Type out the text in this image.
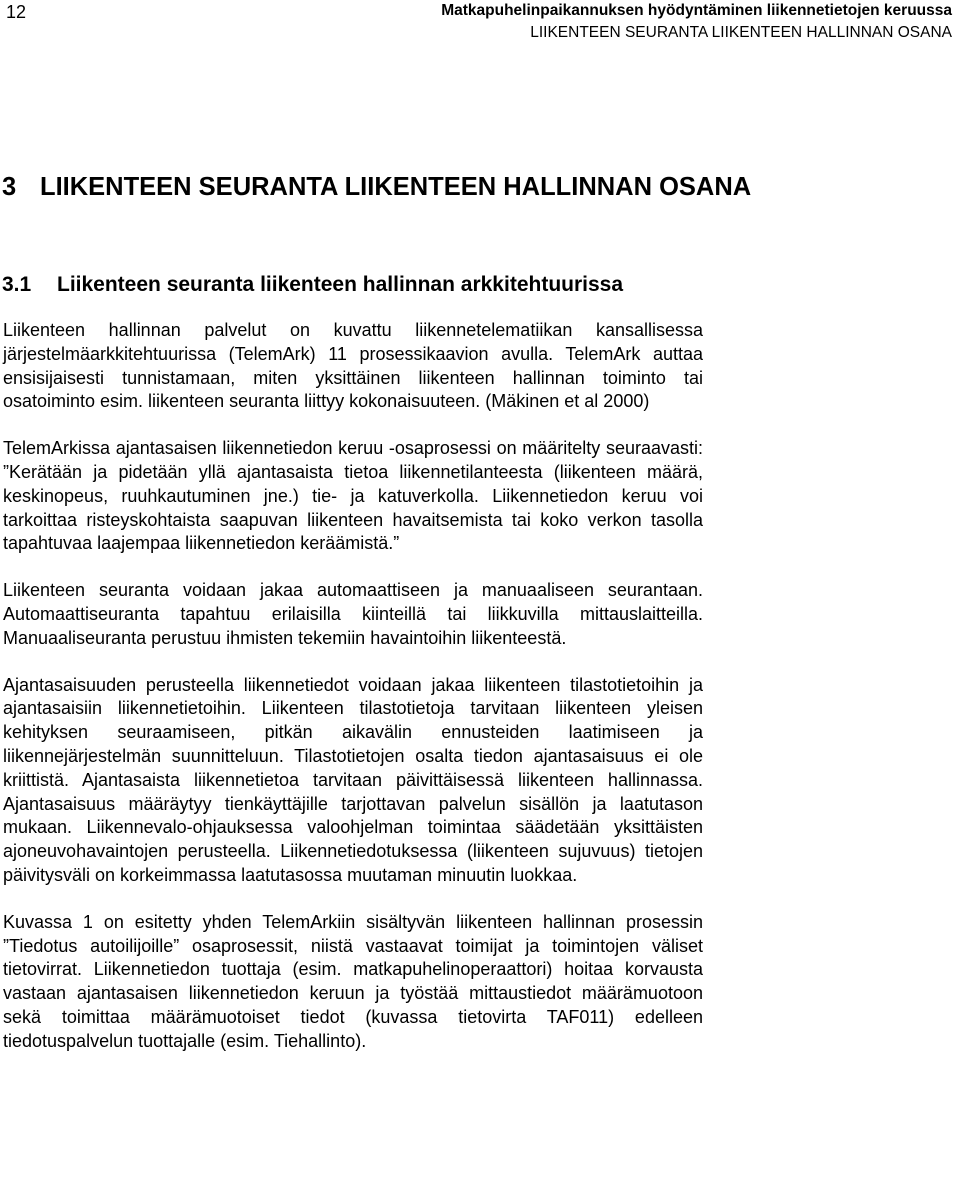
12	Matkapuhelinpaikannuksen hyödyntäminen liikennetietojen keruussa
LIIKENTEEN SEURANTA LIIKENTEEN HALLINNAN OSANA
3 LIIKENTEEN SEURANTA LIIKENTEEN HALLINNAN OSANA
3.1 Liikenteen seuranta liikenteen hallinnan arkkitehtuurissa

Liikenteen hallinnan palvelut on kuvattu liikennetelematiikan kansallisessa järjestelmäarkkitehtuurissa (TelemArk) 11 prosessikaavion avulla. TelemArk auttaa ensisijaisesti tunnistamaan, miten yksittäinen liikenteen hallinnan toiminto tai osatoiminto esim. liikenteen seuranta liittyy kokonaisuuteen. (Mäkinen et al 2000)

TelemArkissa ajantasaisen liikennetiedon keruu -osaprosessi on määritelty seuraavasti: ”Kerätään ja pidetään yllä ajantasaista tietoa liikennetilanteesta (liikenteen määrä, keskinopeus, ruuhkautuminen jne.) tie- ja katuverkolla. Liikennetiedon keruu voi tarkoittaa risteyskohtaista saapuvan liikenteen havaitsemista tai koko verkon tasolla tapahtuvaa laajempaa liikennetiedon keräämistä.”

Liikenteen seuranta voidaan jakaa automaattiseen ja manuaaliseen seurantaan. Automaattiseuranta tapahtuu erilaisilla kiinteillä tai liikkuvilla mittauslaitteilla. Manuaaliseuranta perustuu ihmisten tekemiin havaintoihin liikenteestä.

Ajantasaisuuden perusteella liikennetiedot voidaan jakaa liikenteen tilastotietoihin ja ajantasaisiin liikennetietoihin. Liikenteen tilastotietoja tarvitaan liikenteen yleisen kehityksen seuraamiseen, pitkän aikavälin ennusteiden laatimiseen ja liikennejärjestelmän suunnitteluun. Tilastotietojen osalta tiedon ajantasaisuus ei ole kriittistä. Ajantasaista liikennetietoa tarvitaan päivittäisessä liikenteen hallinnassa. Ajantasaisuus määräytyy tienkäyttäjille tarjottavan palvelun sisällön ja laatutason mukaan. Liikennevalo-ohjauksessa valoohjelman toimintaa säädetään yksittäisten ajoneuvohavaintojen perusteella. Liikennetiedotuksessa (liikenteen sujuvuus) tietojen päivitysväli on korkeimmassa laatutasossa muutaman minuutin luokkaa.

Kuvassa 1 on esitetty yhden TelemArkiin sisältyvän liikenteen hallinnan prosessin ”Tiedotus autoilijoille” osaprosessit, niistä vastaavat toimijat ja toimintojen väliset tietovirrat. Liikennetiedon tuottaja (esim. matkapuhelinoperaattori) hoitaa korvausta vastaan ajantasaisen liikennetiedon keruun ja työstää mittaustiedot määrämuotoon sekä toimittaa määrämuotoiset tiedot (kuvassa tietovirta TAF011) edelleen tiedotuspalvelun tuottajalle (esim. Tiehallinto).
